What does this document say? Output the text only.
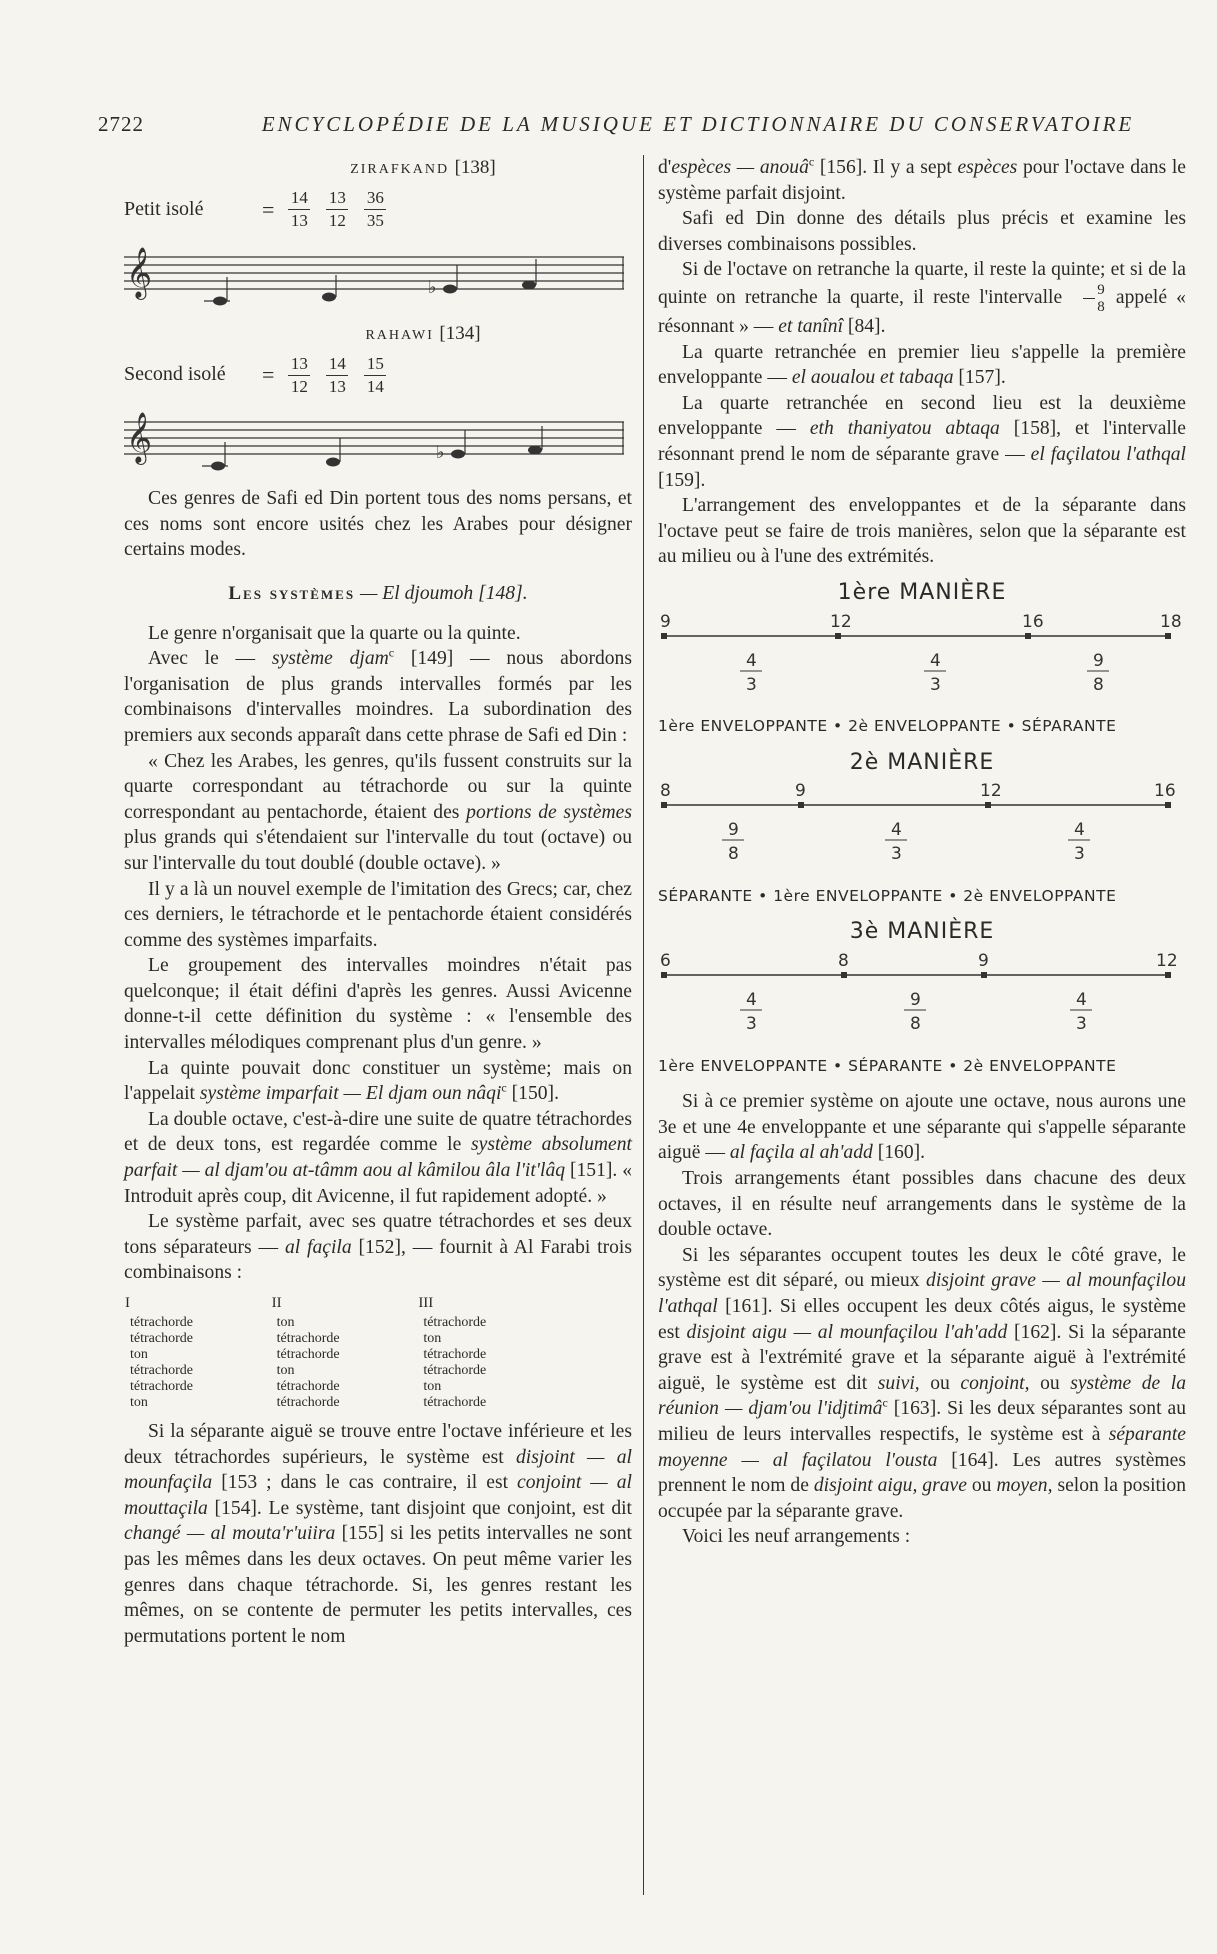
2722	ENCYCLOPÉDIE DE LA MUSIQUE ET DICTIONNAIRE DU CONSERVATOIRE
ZIRAFKAND [138]
Petit isolé	= $\frac{14}{13} \frac{13}{12} \frac{36}{35}$
𝄞	♭
RAHAWI [134]
Second isolé	= $\frac{13}{12} \frac{14}{13} \frac{15}{14}$
𝄞	♭

Ces genres de Safi ed Din portent tous des noms persans, et ces noms sont encore usités chez les Arabes pour désigner certains modes.

Les systèmes — El djoumoh [148].

Le genre n'organisait que la quarte ou la quinte.

Avec le — système djam$^c$ [149] — nous abordons l'organisation de plus grands intervalles formés par les combinaisons d'intervalles moindres. La subordination des premiers aux seconds apparaît dans cette phrase de Safi ed Din :

« Chez les Arabes, les genres, qu'ils fussent construits sur la quarte correspondant au tétrachorde ou sur la quinte correspondant au pentachorde, étaient des portions de systèmes plus grands qui s'étendaient sur l'intervalle du tout (octave) ou sur l'intervalle du tout doublé (double octave). »

Il y a là un nouvel exemple de l'imitation des Grecs; car, chez ces derniers, le tétrachorde et le pentachorde étaient considérés comme des systèmes imparfaits.

Le groupement des intervalles moindres n'était pas quelconque; il était défini d'après les genres. Aussi Avicenne donne-t-il cette définition du système : « l'ensemble des intervalles mélodiques comprenant plus d'un genre. »

La quinte pouvait donc constituer un système; mais on l'appelait système imparfait — El djam oun nâqi$^c$ [150].

La double octave, c'est-à-dire une suite de quatre tétrachordes et de deux tons, est regardée comme le système absolument parfait — al djam'ou at-tâmm aou al kâmilou âla l'it'lâq [151]. « Introduit après coup, dit Avicenne, il fut rapidement adopté. »

Le système parfait, avec ses quatre tétrachordes et ses deux tons séparateurs — al façila [152], — fournit à Al Farabi trois combinaisons :

I	II	III
tétrachorde	ton	tétrachorde
tétrachorde	tétrachorde	ton
ton	tétrachorde	tétrachorde
tétrachorde	ton	tétrachorde
tétrachorde	tétrachorde	ton
ton	tétrachorde	tétrachorde

Si la séparante aiguë se trouve entre l'octave inférieure et les deux tétrachordes supérieurs, le système est disjoint — al mounfaçila [153 ; dans le cas contraire, il est conjoint — al mouttaçila [154]. Le système, tant disjoint que conjoint, est dit changé — al mouta'r'uiira [155] si les petits intervalles ne sont pas les mêmes dans les deux octaves. On peut même varier les genres dans chaque tétrachorde. Si, les genres restant les mêmes, on se contente de permuter les petits intervalles, ces permutations portent le nom

d'espèces — anouâ$^c$ [156]. Il y a sept espèces pour l'octave dans le système parfait disjoint.

Safi ed Din donne des détails plus précis et examine les diverses combinaisons possibles.

Si de l'octave on retranche la quarte, il reste la quinte; et si de la quinte on retranche la quarte, il reste l'intervalle $\frac{9}{8}$ appelé « résonnant » — et tanînî [84].

La quarte retranchée en premier lieu s'appelle la première enveloppante — el aoualou et tabaqa [157].

La quarte retranchée en second lieu est la deuxième enveloppante — eth thaniyatou abtaqa [158], et l'intervalle résonnant prend le nom de séparante grave — el façilatou l'athqal [159].

L'arrangement des enveloppantes et de la séparante dans l'octave peut se faire de trois manières, selon que la séparante est au milieu ou à l'une des extrémités.

1ère MANIÈRE
9	12	16	18
4
3
4
3
9
8
1ère ENVELOPPANTE • 2è ENVELOPPANTE • SÉPARANTE
2è MANIÈRE
8	9	12	16
9
8
4
3
4
3
SÉPARANTE • 1ère ENVELOPPANTE • 2è ENVELOPPANTE
3è MANIÈRE
6	8	9	12
4
3
9
8
4
3
1ère ENVELOPPANTE • SÉPARANTE • 2è ENVELOPPANTE

Si à ce premier système on ajoute une octave, nous aurons une 3e et une 4e enveloppante et une séparante qui s'appelle séparante aiguë — al façila al ah'add [160].

Trois arrangements étant possibles dans chacune des deux octaves, il en résulte neuf arrangements dans le système de la double octave.

Si les séparantes occupent toutes les deux le côté grave, le système est dit séparé, ou mieux disjoint grave — al mounfaçilou l'athqal [161]. Si elles occupent les deux côtés aigus, le système est disjoint aigu — al mounfaçilou l'ah'add [162]. Si la séparante grave est à l'extrémité grave et la séparante aiguë à l'extrémité aiguë, le système est dit suivi, ou conjoint, ou système de la réunion — djam'ou l'idjtimâ$^c$ [163]. Si les deux séparantes sont au milieu de leurs intervalles respectifs, le système est à séparante moyenne — al façilatou l'ousta [164]. Les autres systèmes prennent le nom de disjoint aigu, grave ou moyen, selon la position occupée par la séparante grave.

Voici les neuf arrangements :
